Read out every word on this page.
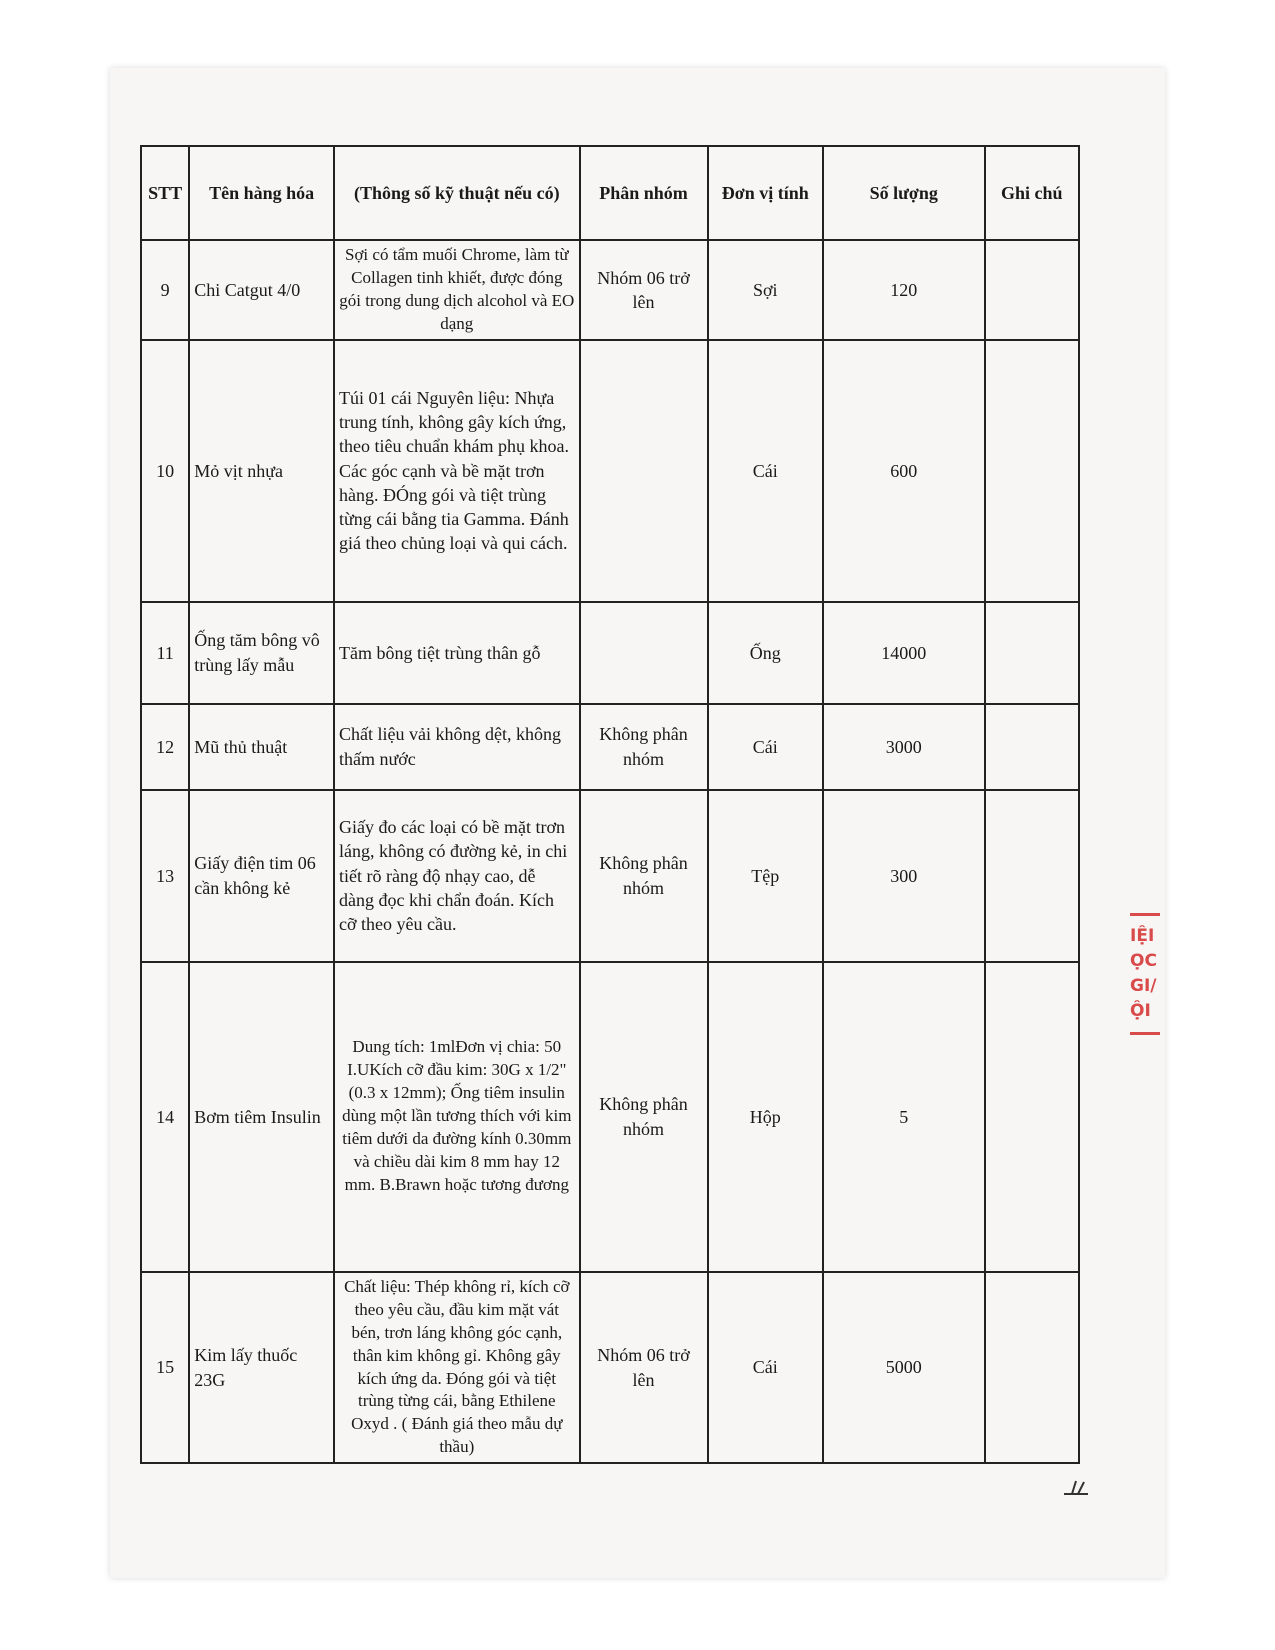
STT	Tên hàng hóa	(Thông số kỹ thuật nếu có)	Phân nhóm	Đơn vị tính	Số lượng	Ghi chú
9	Chi Catgut 4/0	Sợi có tẩm muối Chrome, làm từ Collagen tinh khiết, được đóng gói trong dung dịch alcohol và EO dạng	Nhóm 06 trở lên	Sợi	120	
10	Mỏ vịt nhựa	Túi 01 cái Nguyên liệu: Nhựa trung tính, không gây kích ứng, theo tiêu chuẩn khám phụ khoa. Các góc cạnh và bề mặt trơn hàng. ĐÓng gói và tiệt trùng từng cái bằng tia Gamma. Đánh giá theo chủng loại và qui cách.		Cái	600	
11	Ống tăm bông vô trùng lấy mẫu	Tăm bông tiệt trùng thân gỗ		Ống	14000	
12	Mũ thủ thuật	Chất liệu vải không dệt, không thấm nước	Không phân nhóm	Cái	3000	
13	Giấy điện tim 06 cần không kẻ	Giấy đo các loại có bề mặt trơn láng, không có đường kẻ, in chi tiết rõ ràng độ nhạy cao, dễ dàng đọc khi chẩn đoán. Kích cỡ theo yêu cầu.	Không phân nhóm	Tệp	300	
14	Bơm tiêm Insulin	Dung tích: 1mlĐơn vị chia: 50 I.UKích cỡ đầu kim: 30G x 1/2" (0.3 x 12mm); Ống tiêm insulin dùng một lần tương thích với kim tiêm dưới da đường kính 0.30mm và chiều dài kim 8 mm hay 12 mm. B.Brawn hoặc tương đương	Không phân nhóm	Hộp	5	
15	Kim lấy thuốc 23G	Chất liệu: Thép không rỉ, kích cỡ theo yêu cầu, đầu kim mặt vát bén, trơn láng không góc cạnh, thân kim không gỉ. Không gây kích ứng da. Đóng gói và tiệt trùng từng cái, bằng Ethilene Oxyd . ( Đánh giá theo mẫu dự thầu)	Nhóm 06 trở lên	Cái	5000	
IỆI
ỌC
GI/
ỘI
